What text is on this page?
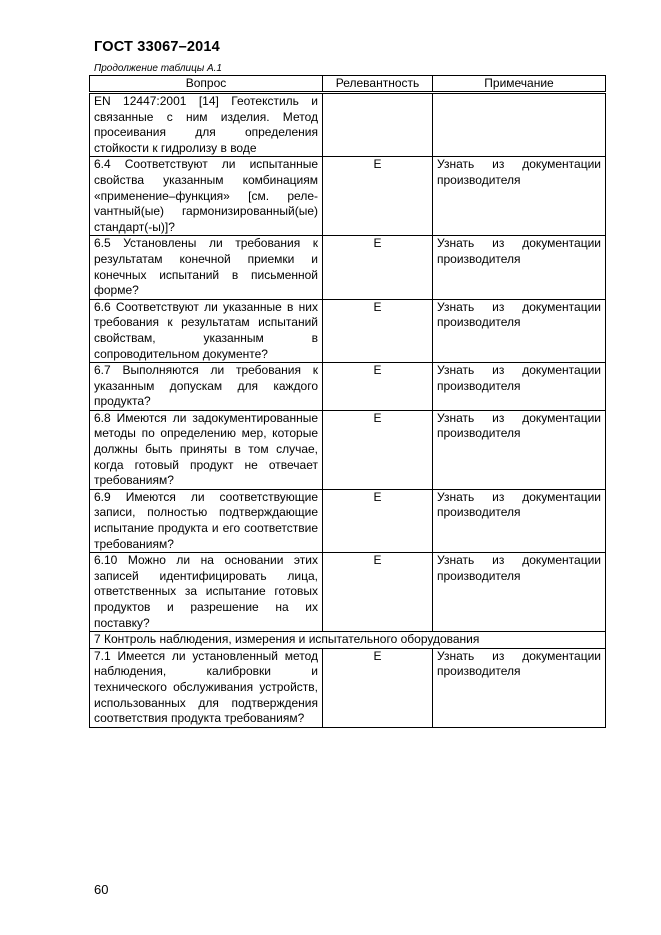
ГОСТ 33067–2014
Продолжение таблицы А.1
Вопрос	Релевантность	Примечание
EN 12447:2001 [14] Геотекстиль и связанные с ним изделия. Метод просеивания для определения стойкости к гидролизу в воде		
6.4 Соответствуют ли испытанные свойства указанным комбинациям «применение–функция» [см. релеvантный(ые) гармонизированный(ые) стандарт(-ы)]?	Е	Узнать из документации производителя
6.5 Установлены ли требования к результатам конечной приемки и конечных испытаний в письменной форме?	Е	Узнать из документации производителя
6.6 Соответствуют ли указанные в них требования к результатам испытаний свойствам, указанным в сопроводительном документе?	Е	Узнать из документации производителя
6.7 Выполняются ли требования к указанным допускам для каждого продукта?	Е	Узнать из документации производителя
6.8 Имеются ли задокументированные методы по определению мер, которые должны быть приняты в том случае, когда готовый продукт не отвечает требованиям?	Е	Узнать из документации производителя
6.9 Имеются ли соответствующие записи, полностью подтверждающие испытание продукта и его соответствие требованиям?	Е	Узнать из документации производителя
6.10 Можно ли на основании этих записей идентифицировать лица, ответственных за испытание готовых продуктов и разрешение на их поставку?	Е	Узнать из документации производителя
7 Контроль наблюдения, измерения и испытательного оборудования		
7.1 Имеется ли установленный метод наблюдения, калибровки и технического обслуживания устройств, использованных для подтверждения соответствия продукта требованиям?	Е	Узнать из документации производителя
60
